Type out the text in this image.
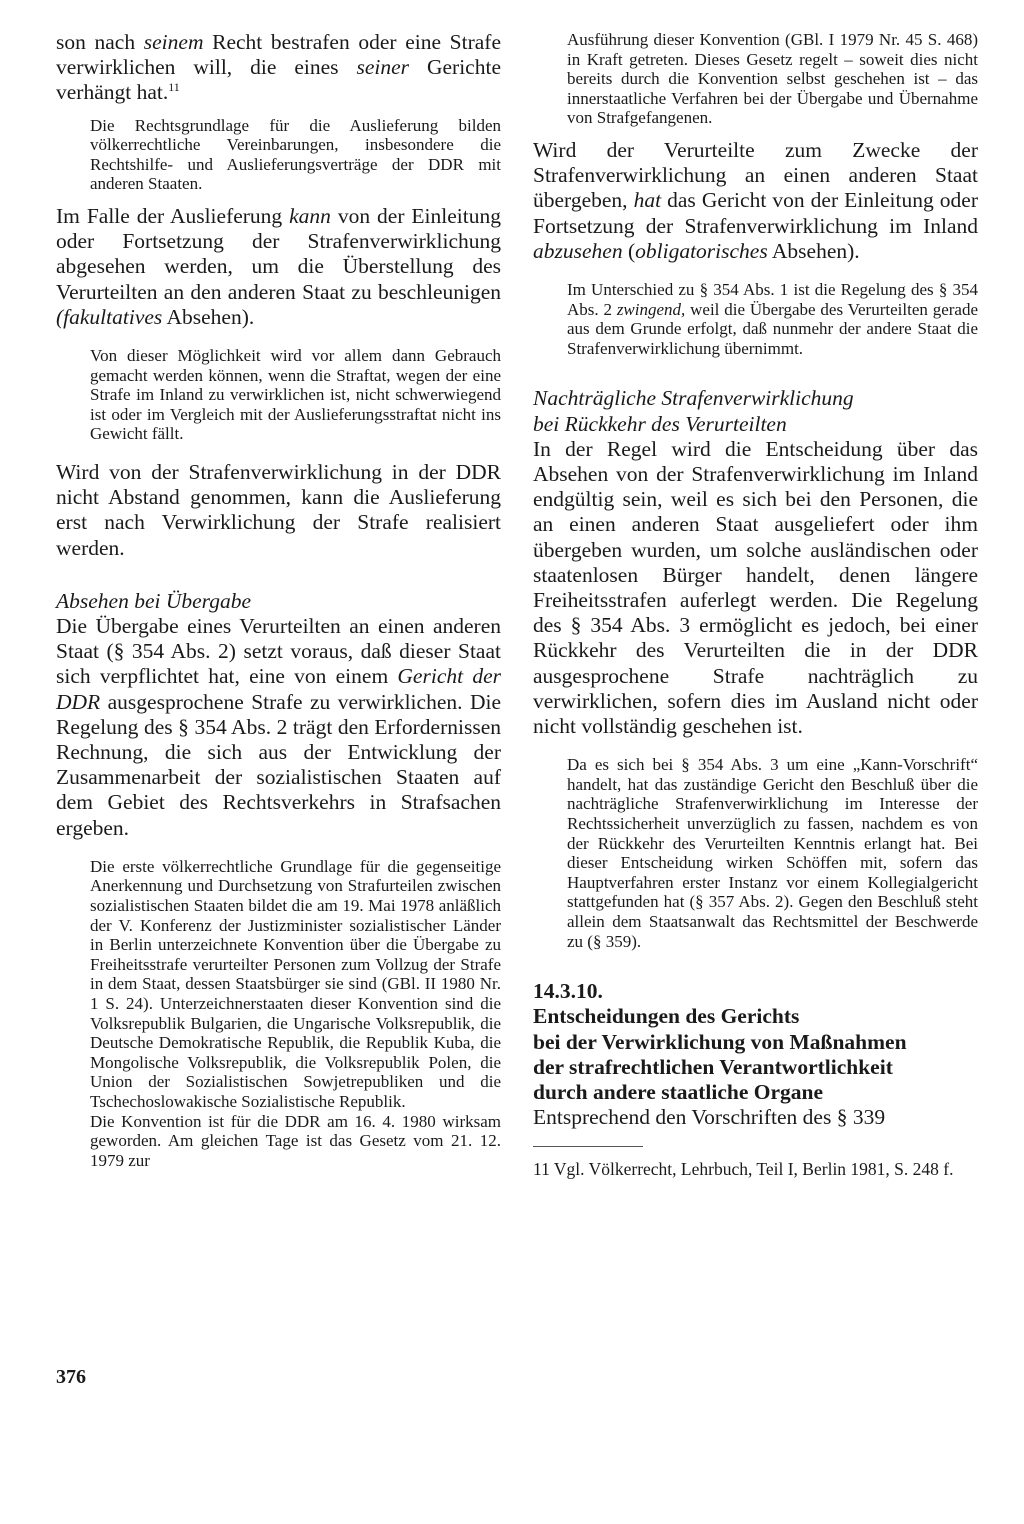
son nach seinem Recht bestrafen oder eine Strafe verwirklichen will, die eines seiner Gerichte verhängt hat.$^{11}$

Die Rechtsgrundlage für die Auslieferung bilden völkerrechtliche Vereinbarungen, insbesondere die Rechtshilfe- und Auslieferungsverträge der DDR mit anderen Staaten.

Im Falle der Auslieferung kann von der Einleitung oder Fortsetzung der Strafenverwirklichung abgesehen werden, um die Überstellung des Verurteilten an den anderen Staat zu beschleunigen (fakultatives Absehen).

Von dieser Möglichkeit wird vor allem dann Gebrauch gemacht werden können, wenn die Straftat, wegen der eine Strafe im Inland zu verwirklichen ist, nicht schwerwiegend ist oder im Vergleich mit der Auslieferungsstraftat nicht ins Gewicht fällt.

Wird von der Strafenverwirklichung in der DDR nicht Abstand genommen, kann die Auslieferung erst nach Verwirklichung der Strafe realisiert werden.

Absehen bei Übergabe

Die Übergabe eines Verurteilten an einen anderen Staat (§ 354 Abs. 2) setzt voraus, daß dieser Staat sich verpflichtet hat, eine von einem Gericht der DDR ausgesprochene Strafe zu verwirklichen. Die Regelung des § 354 Abs. 2 trägt den Erfordernissen Rechnung, die sich aus der Entwicklung der Zusammenarbeit der sozialistischen Staaten auf dem Gebiet des Rechtsverkehrs in Strafsachen ergeben.

Die erste völkerrechtliche Grundlage für die gegenseitige Anerkennung und Durchsetzung von Strafurteilen zwischen sozialistischen Staaten bildet die am 19. Mai 1978 anläßlich der V. Konferenz der Justizminister sozialistischer Länder in Berlin unterzeichnete Konvention über die Übergabe zu Freiheitsstrafe verurteilter Personen zum Vollzug der Strafe in dem Staat, dessen Staatsbürger sie sind (GBl. II 1980 Nr. 1 S. 24). Unterzeichnerstaaten dieser Konvention sind die Volksrepublik Bulgarien, die Ungarische Volksrepublik, die Deutsche Demokratische Republik, die Republik Kuba, die Mongolische Volksrepublik, die Volksrepublik Polen, die Union der Sozialistischen Sowjetrepubliken und die Tschechoslowakische Sozialistische Republik.

Die Konvention ist für die DDR am 16. 4. 1980 wirksam geworden. Am gleichen Tage ist das Gesetz vom 21. 12. 1979 zur

Ausführung dieser Konvention (GBl. I 1979 Nr. 45 S. 468) in Kraft getreten. Dieses Gesetz regelt – soweit dies nicht bereits durch die Konvention selbst geschehen ist – das innerstaatliche Verfahren bei der Übergabe und Übernahme von Strafgefangenen.

Wird der Verurteilte zum Zwecke der Strafenverwirklichung an einen anderen Staat übergeben, hat das Gericht von der Einleitung oder Fortsetzung der Strafenverwirklichung im Inland abzusehen (obligatorisches Absehen).

Im Unterschied zu § 354 Abs. 1 ist die Regelung des § 354 Abs. 2 zwingend, weil die Übergabe des Verurteilten gerade aus dem Grunde erfolgt, daß nunmehr der andere Staat die Strafenverwirklichung übernimmt.

Nachträgliche Strafenverwirklichung

bei Rückkehr des Verurteilten

In der Regel wird die Entscheidung über das Absehen von der Strafenverwirklichung im Inland endgültig sein, weil es sich bei den Personen, die an einen anderen Staat ausgeliefert oder ihm übergeben wurden, um solche ausländischen oder staatenlosen Bürger handelt, denen längere Freiheitsstrafen auferlegt werden. Die Regelung des § 354 Abs. 3 ermöglicht es jedoch, bei einer Rückkehr des Verurteilten die in der DDR ausgesprochene Strafe nachträglich zu verwirklichen, sofern dies im Ausland nicht oder nicht vollständig geschehen ist.

Da es sich bei § 354 Abs. 3 um eine „Kann-Vorschrift“ handelt, hat das zuständige Gericht den Beschluß über die nachträgliche Strafenverwirklichung im Interesse der Rechtssicherheit unverzüglich zu fassen, nachdem es von der Rückkehr des Verurteilten Kenntnis erlangt hat. Bei dieser Entscheidung wirken Schöffen mit, sofern das Hauptverfahren erster Instanz vor einem Kollegialgericht stattgefunden hat (§ 357 Abs. 2). Gegen den Beschluß steht allein dem Staatsanwalt das Rechtsmittel der Beschwerde zu (§ 359).

14.3.10.

Entscheidungen des Gerichts

bei der Verwirklichung von Maßnahmen

der strafrechtlichen Verantwortlichkeit

durch andere staatliche Organe

Entsprechend den Vorschriften des § 339

11 Vgl. Völkerrecht, Lehrbuch, Teil I, Berlin 1981, S. 248 f.

376
